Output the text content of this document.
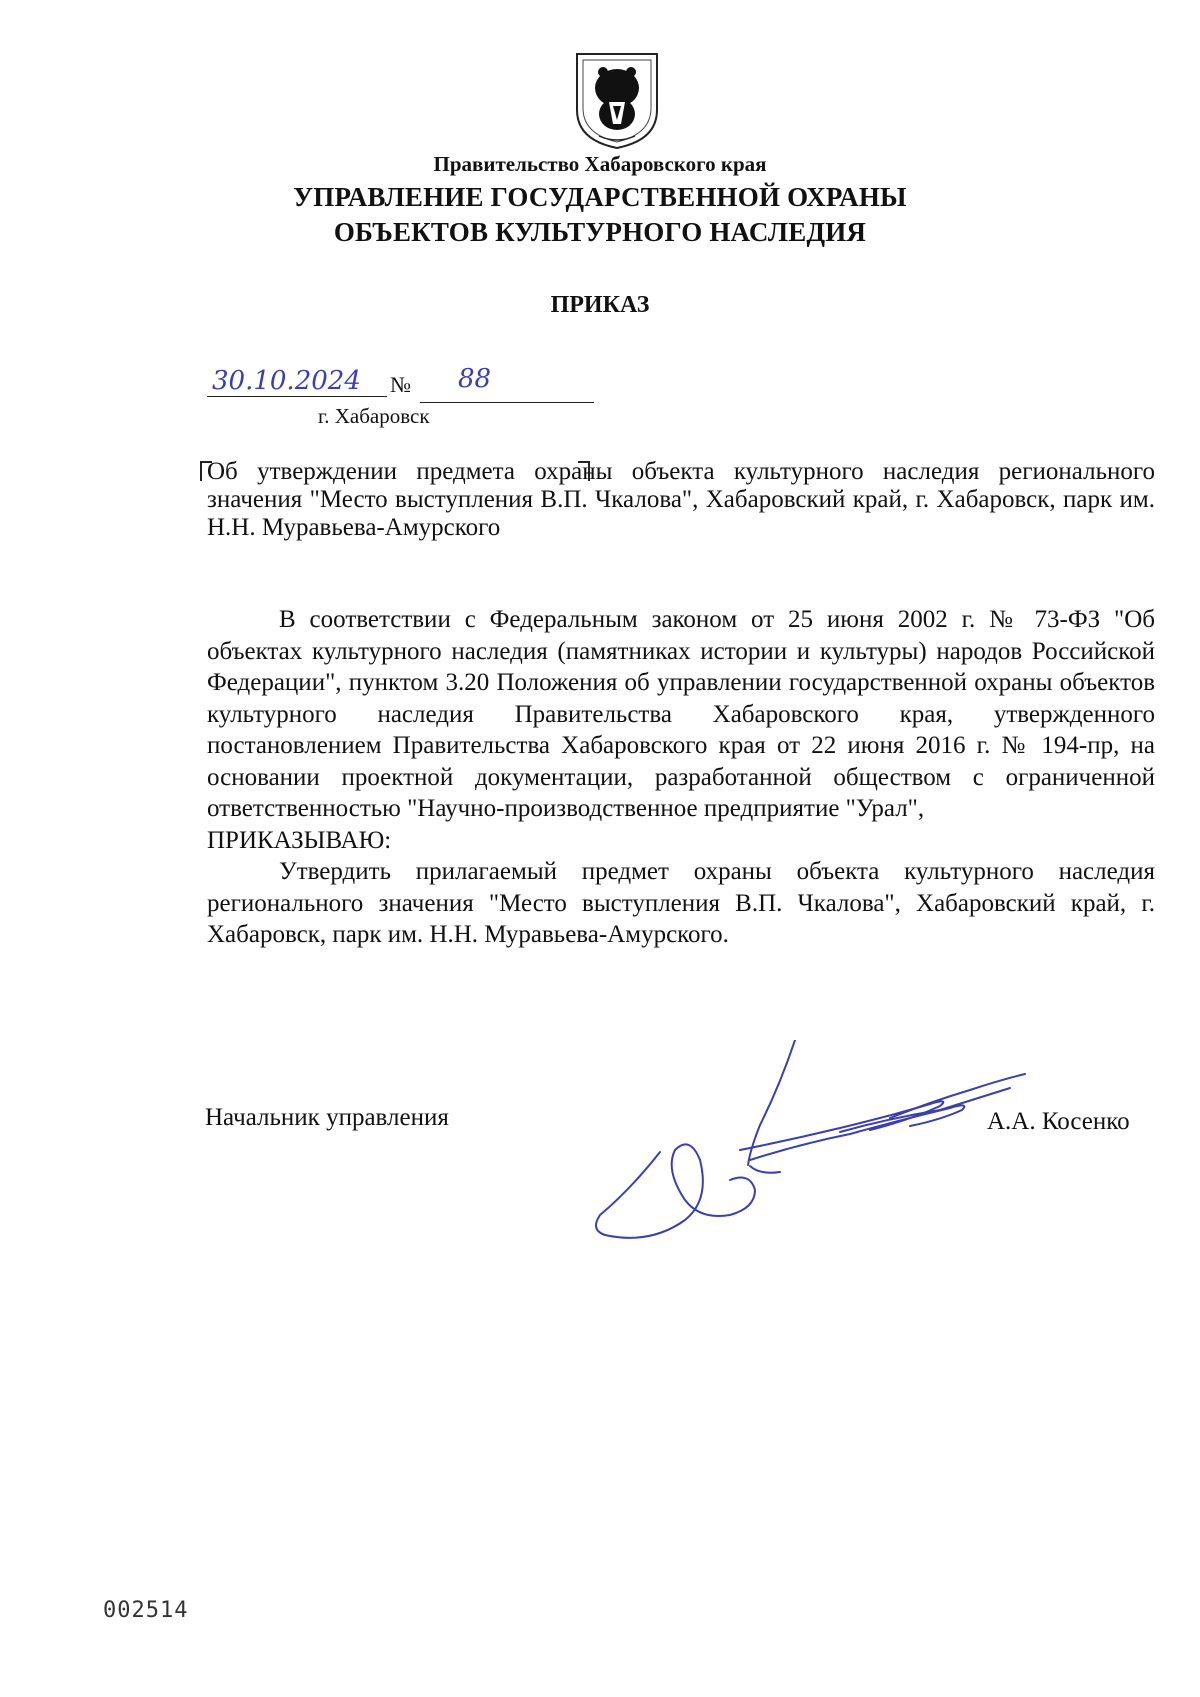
Правительство Хабаровского края
УПРАВЛЕНИЕ ГОСУДАРСТВЕННОЙ ОХРАНЫ
ОБЪЕКТОВ КУЛЬТУРНОГО НАСЛЕДИЯ
ПРИКАЗ
30.10.2024 № 88
г. Хабаровск
Об утверждении предмета охраны объекта культурного наследия регионального значения "Место выступления В.П. Чкалова", Хабаровский край, г. Хабаровск, парк им. Н.Н. Муравьева-Амурского

В соответствии с Федеральным законом от 25 июня 2002 г. № 73-ФЗ "Об объектах культурного наследия (памятниках истории и культуры) народов Российской Федерации", пунктом 3.20 Положения об управлении государственной охраны объектов культурного наследия Правительства Хабаровского края, утвержденного постановлением Правительства Хабаровского края от 22 июня 2016 г. № 194-пр, на основании проектной документации, разработанной обществом с ограниченной ответственностью "Научно-производственное предприятие "Урал",

ПРИКАЗЫВАЮ:

Утвердить прилагаемый предмет охраны объекта культурного наследия регионального значения "Место выступления В.П. Чкалова", Хабаровский край, г. Хабаровск, парк им. Н.Н. Муравьева-Амурского.

Начальник управления	А.А. Косенко
002514
